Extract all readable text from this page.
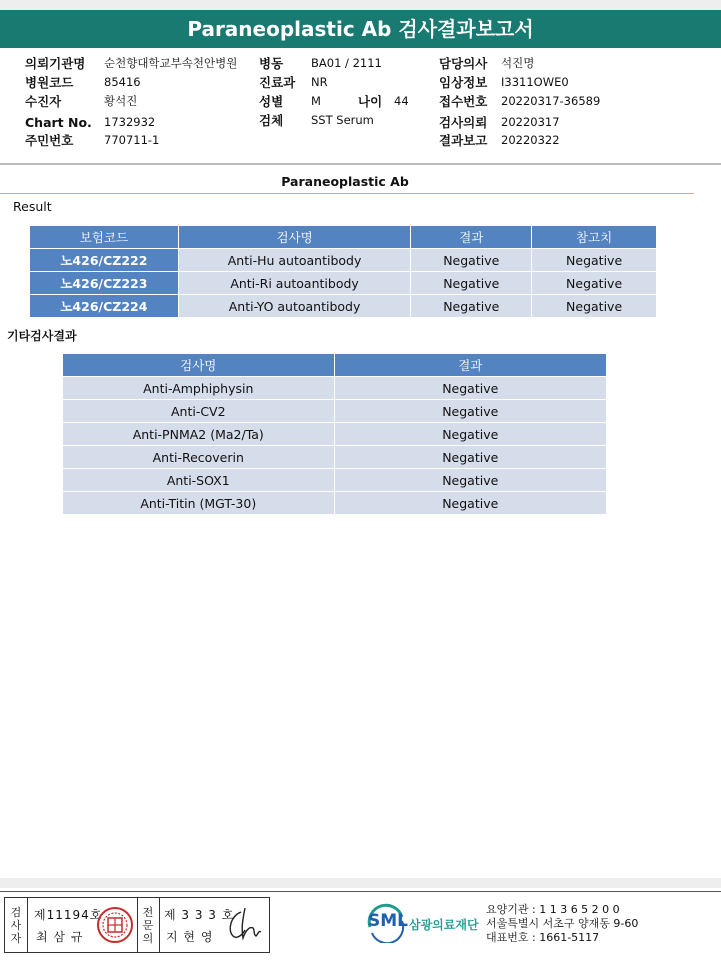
Paraneoplastic Ab 검사결과보고서
의뢰기관명 순천향대학교부속천안병원
병원코드	85416
수진자	황석진
Chart No. 1732932
주민번호	770711-1
병동 BA01 / 2111
진료과 NR
성별 M	나이 44
검체 SST Serum
담당의사 석진명
임상정보 I3311OWE0
접수번호 20220317-36589
검사의뢰 20220317
결과보고 20220322
Paraneoplastic Ab
Result
보험코드	검사명	결과	참고치
노426/CZ222	Anti-Hu autoantibody	Negative	Negative
노426/CZ223	Anti-Ri autoantibody	Negative	Negative
노426/CZ224	Anti-YO autoantibody	Negative	Negative
기타검사결과
검사명	결과
Anti-Amphiphysin	Negative
Anti-CV2	Negative
Anti-PNMA2 (Ma2/Ta)	Negative
Anti-Recoverin	Negative
Anti-SOX1	Negative
Anti-Titin (MGT-30)	Negative
검사자
제11194호
최 삼 규
전문의
제 3 3 3 호
지 현 영
SML 삼광의료재단
요양기관 : 1 1 3 6 5 2 0 0
서울특별시 서초구 양재동 9-60
대표번호 : 1661-5117
